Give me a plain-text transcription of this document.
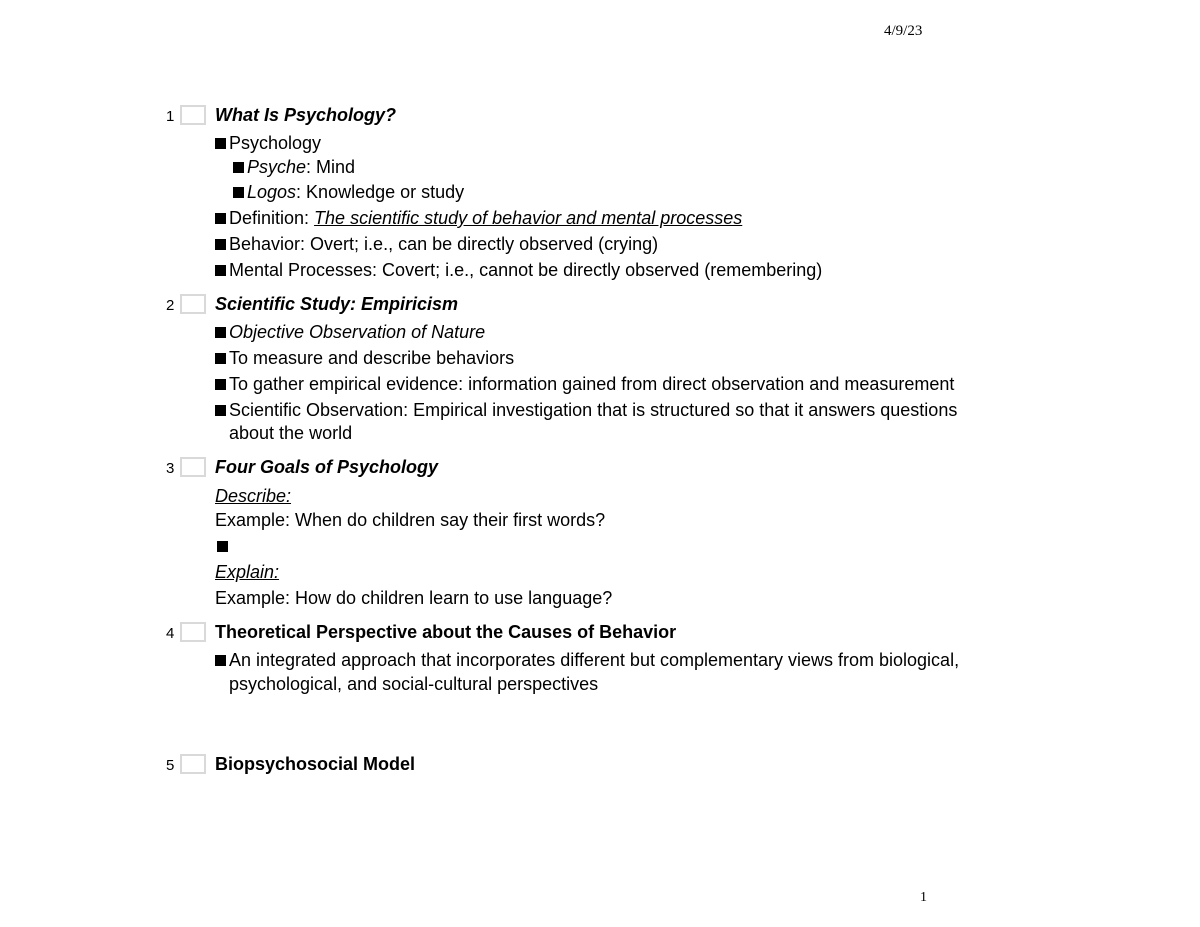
4/9/23
1 What Is Psychology?
Psychology
Psyche: Mind
Logos: Knowledge or study
Definition: The scientific study of behavior and mental processes
Behavior: Overt; i.e., can be directly observed (crying)
Mental Processes: Covert; i.e., cannot be directly observed (remembering)
2 Scientific Study: Empiricism
Objective Observation of Nature
To measure and describe behaviors
To gather empirical evidence: information gained from direct observation and measurement
Scientific Observation: Empirical investigation that is structured so that it answers questions
about the world
3 Four Goals of Psychology
Describe:
Example: When do children say their first words?
Explain:
Example: How do children learn to use language?
4 Theoretical Perspective about the Causes of Behavior
An integrated approach that incorporates different but complementary views from biological,
psychological, and social-cultural perspectives
5 Biopsychosocial Model
1
